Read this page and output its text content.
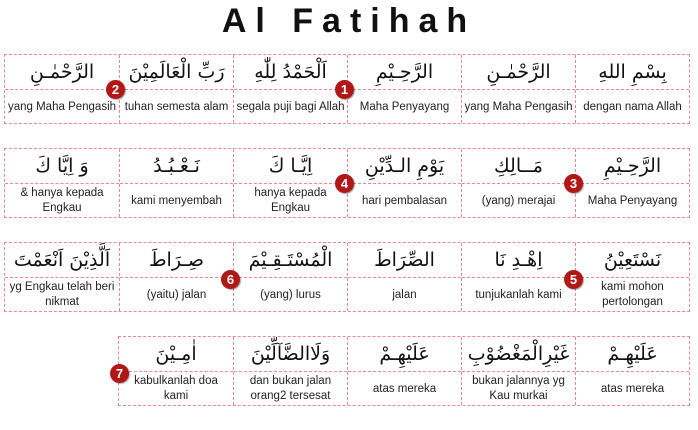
Al Fatihah
الرَّحْمٰـنِ
yang Maha Pengasih
رَبِّ الْعَالَمِيْنَ
tuhan semesta alam
اَلْحَمْدُ لِلّٰهِ
segala puji bagi Allah
الرَّحِـيْمِ
Maha Penyayang
الرَّحْمٰـنِ
yang Maha Pengasih
بِسْمِ اللهِ
dengan nama Allah
وَ اِيَّا كَ
& hanya kepada Engkau
نَـعْـبُـدُ
kami menyembah
اِيَّـا كَ
hanya kepada Engkau
يَوْمِ الـدِّيْنِ
hari pembalasan
مَــالِكِ
(yang) merajai
الرَّحِـيْمِ
Maha Penyayang
اَلَّذِيْنَ اَنْعَمْتَ
yg Engkau telah beri nikmat
صِـرَاطَ
(yaitu) jalan
الْمُسْتَـقِـيْمَ
(yang) lurus
الصِّرَاطَ
jalan
اِهْـدِ نَا
tunjukanlah kami
نَسْتَعِيْنُ
kami mohon pertolongan
اٰمِـيْنَ
kabulkanlah doa kami
وَلَاالضَّآلِّيْنَ
dan bukan jalan orang2 tersesat
عَلَيْهِـمْ
atas mereka
غَيْرِالْمَغْضُوْبِ
bukan jalannya yg Kau murkai
عَلَيْهِـمْ
atas mereka
1
2
3
4
5
6
7
